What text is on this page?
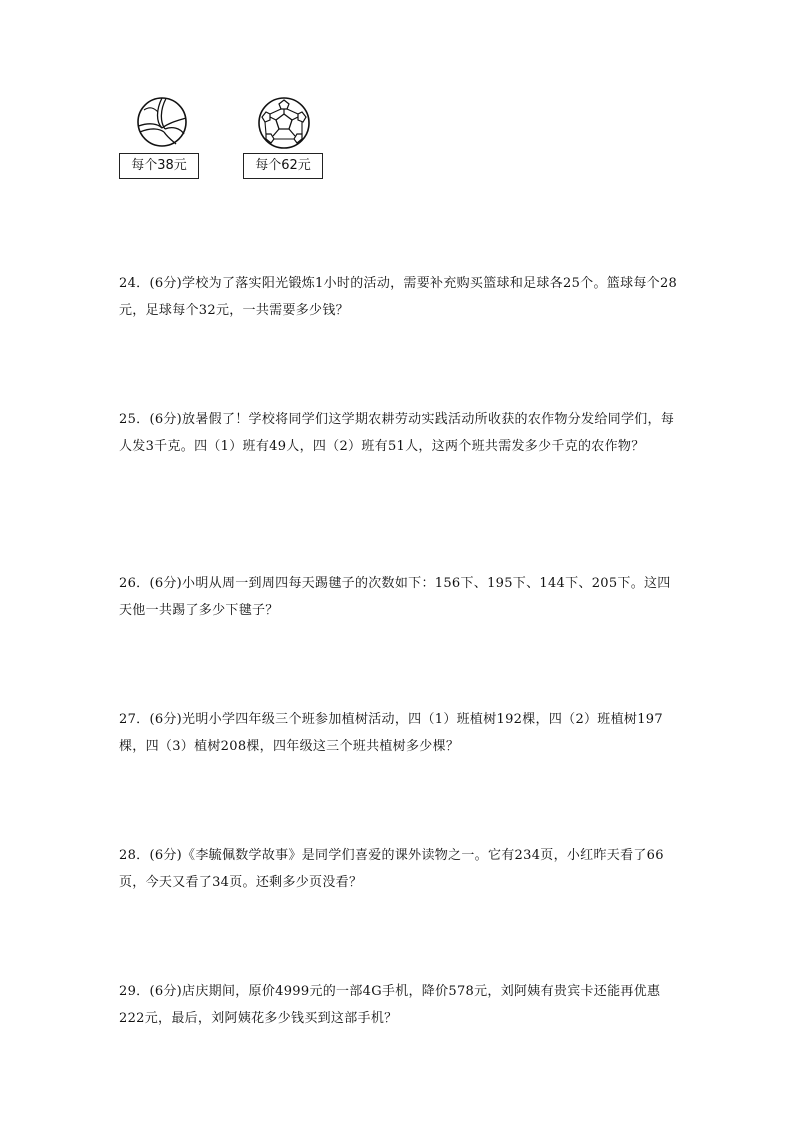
每个38元	每个62元

24．(6分)学校为了落实阳光锻炼1小时的活动，需要补充购买篮球和足球各25个。篮球每个28元，足球每个32元，一共需要多少钱？

25．(6分)放暑假了！学校将同学们这学期农耕劳动实践活动所收获的农作物分发给同学们，每人发3千克。四（1）班有49人，四（2）班有51人，这两个班共需发多少千克的农作物？

26．(6分)小明从周一到周四每天踢毽子的次数如下：156下、195下、144下、205下。这四天他一共踢了多少下毽子？

27．(6分)光明小学四年级三个班参加植树活动，四（1）班植树192棵，四（2）班植树197棵，四（3）植树208棵，四年级这三个班共植树多少棵？

28．(6分)《李毓佩数学故事》是同学们喜爱的课外读物之一。它有234页，小红昨天看了66页，今天又看了34页。还剩多少页没看？

29．(6分)店庆期间，原价4999元的一部4G手机，降价578元，刘阿姨有贵宾卡还能再优惠222元，最后，刘阿姨花多少钱买到这部手机？
